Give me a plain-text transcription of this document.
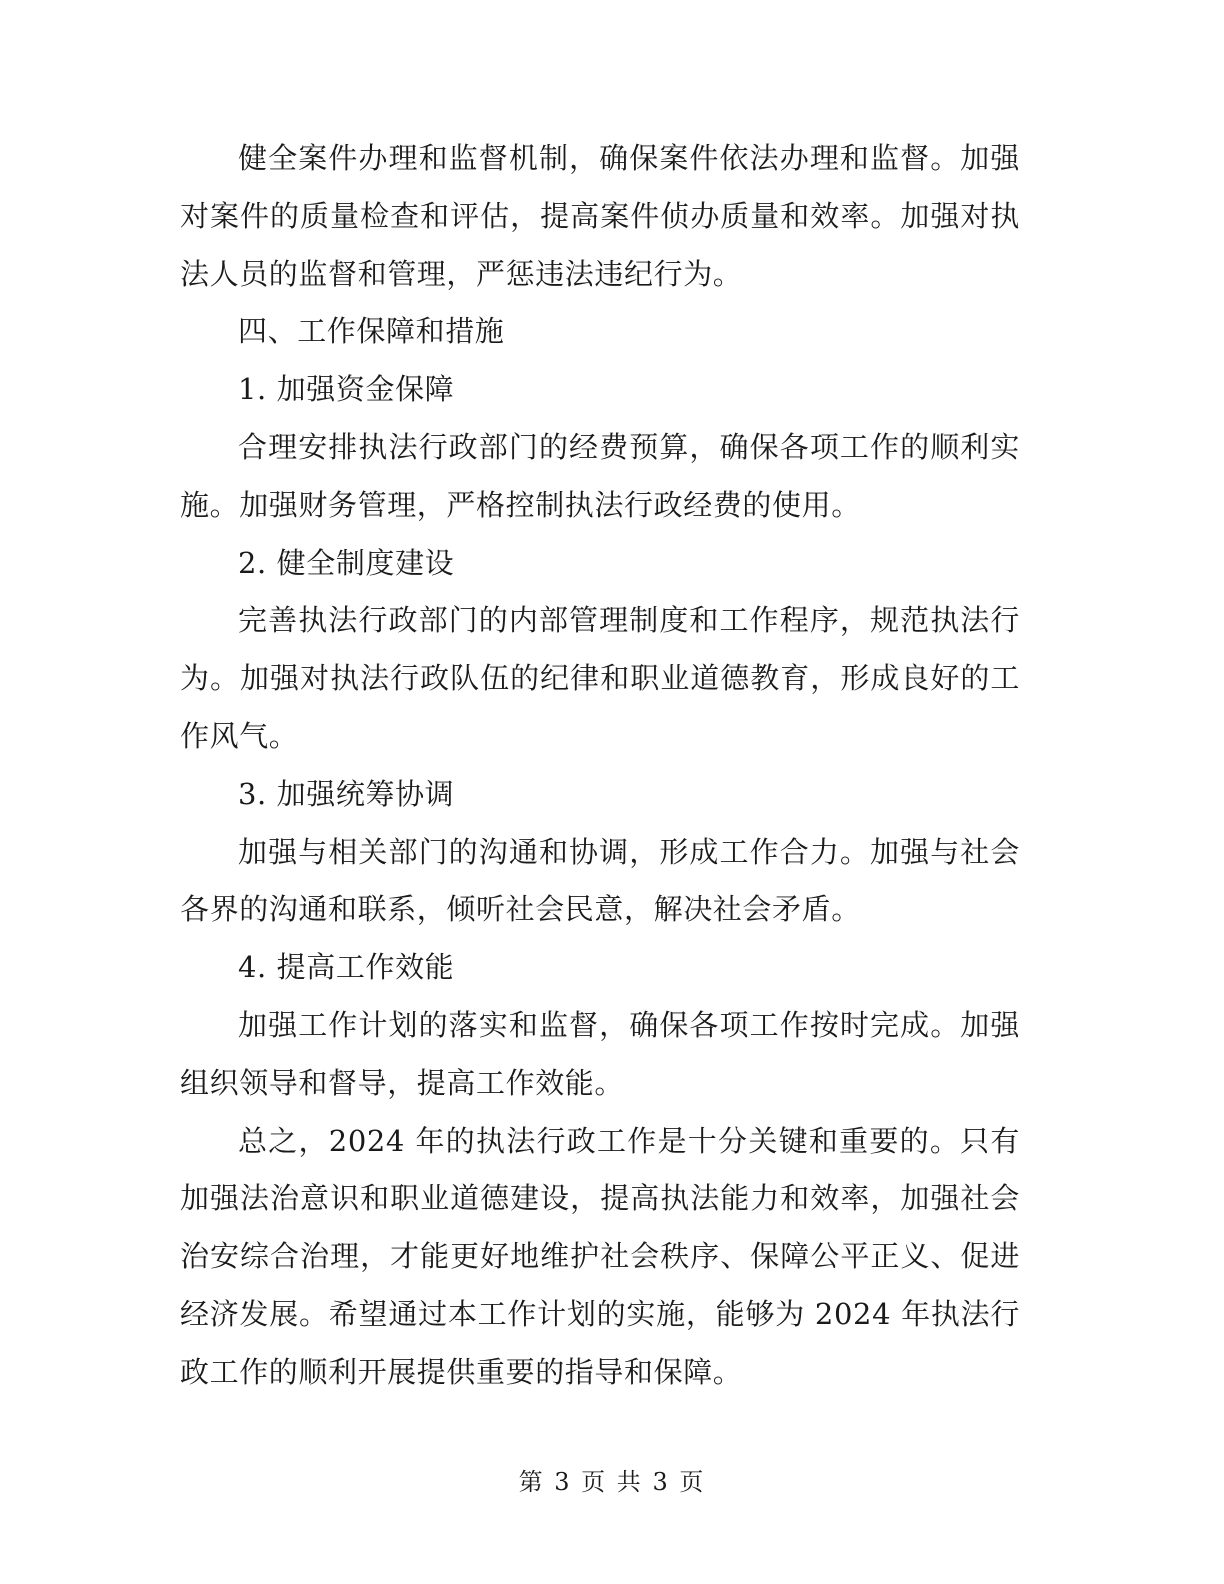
健全案件办理和监督机制，确保案件依法办理和监督。加强对案件的质量检查和评估，提高案件侦办质量和效率。加强对执法人员的监督和管理，严惩违法违纪行为。

四、工作保障和措施

1. 加强资金保障

合理安排执法行政部门的经费预算，确保各项工作的顺利实施。加强财务管理，严格控制执法行政经费的使用。

2. 健全制度建设

完善执法行政部门的内部管理制度和工作程序，规范执法行为。加强对执法行政队伍的纪律和职业道德教育，形成良好的工作风气。

3. 加强统筹协调

加强与相关部门的沟通和协调，形成工作合力。加强与社会各界的沟通和联系，倾听社会民意，解决社会矛盾。

4. 提高工作效能

加强工作计划的落实和监督，确保各项工作按时完成。加强组织领导和督导，提高工作效能。

总之，2024 年的执法行政工作是十分关键和重要的。只有加强法治意识和职业道德建设，提高执法能力和效率，加强社会治安综合治理，才能更好地维护社会秩序、保障公平正义、促进经济发展。希望通过本工作计划的实施，能够为 2024 年执法行政工作的顺利开展提供重要的指导和保障。

第 3 页 共 3 页
